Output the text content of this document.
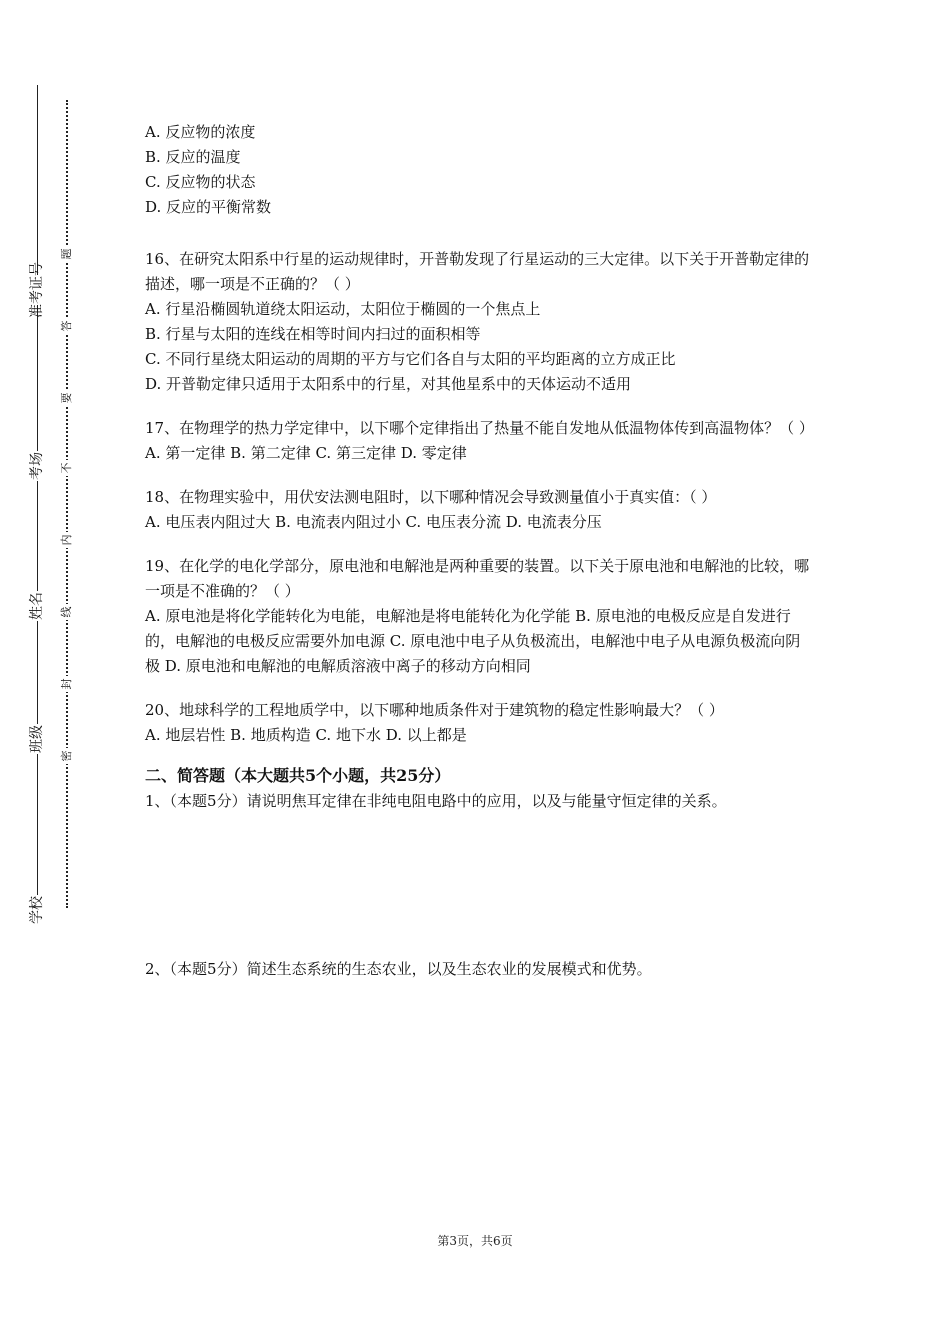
准考证号
考场
姓名
班级
学校
题
答
要
不
内
线
封
密

A. 反应物的浓度

B. 反应的温度

C. 反应物的状态

D. 反应的平衡常数

16、在研究太阳系中行星的运动规律时，开普勒发现了行星运动的三大定律。以下关于开普勒定律的描述，哪一项是不正确的？（ ）

A. 行星沿椭圆轨道绕太阳运动，太阳位于椭圆的一个焦点上

B. 行星与太阳的连线在相等时间内扫过的面积相等

C. 不同行星绕太阳运动的周期的平方与它们各自与太阳的平均距离的立方成正比

D. 开普勒定律只适用于太阳系中的行星，对其他星系中的天体运动不适用

17、在物理学的热力学定律中，以下哪个定律指出了热量不能自发地从低温物体传到高温物体？（ ）

A. 第一定律 B. 第二定律 C. 第三定律 D. 零定律

18、在物理实验中，用伏安法测电阻时，以下哪种情况会导致测量值小于真实值：（ ）

A. 电压表内阻过大 B. 电流表内阻过小 C. 电压表分流 D. 电流表分压

19、在化学的电化学部分，原电池和电解池是两种重要的装置。以下关于原电池和电解池的比较，哪一项是不准确的？（ ）

A. 原电池是将化学能转化为电能，电解池是将电能转化为化学能 B. 原电池的电极反应是自发进行的，电解池的电极反应需要外加电源 C. 原电池中电子从负极流出，电解池中电子从电源负极流向阴极 D. 原电池和电解池的电解质溶液中离子的移动方向相同

20、地球科学的工程地质学中，以下哪种地质条件对于建筑物的稳定性影响最大？（ ）

A. 地层岩性 B. 地质构造 C. 地下水 D. 以上都是

二、简答题（本大题共5个小题，共25分）

1、（本题5分）请说明焦耳定律在非纯电阻电路中的应用，以及与能量守恒定律的关系。

2、（本题5分）简述生态系统的生态农业，以及生态农业的发展模式和优势。

第3页，共6页
